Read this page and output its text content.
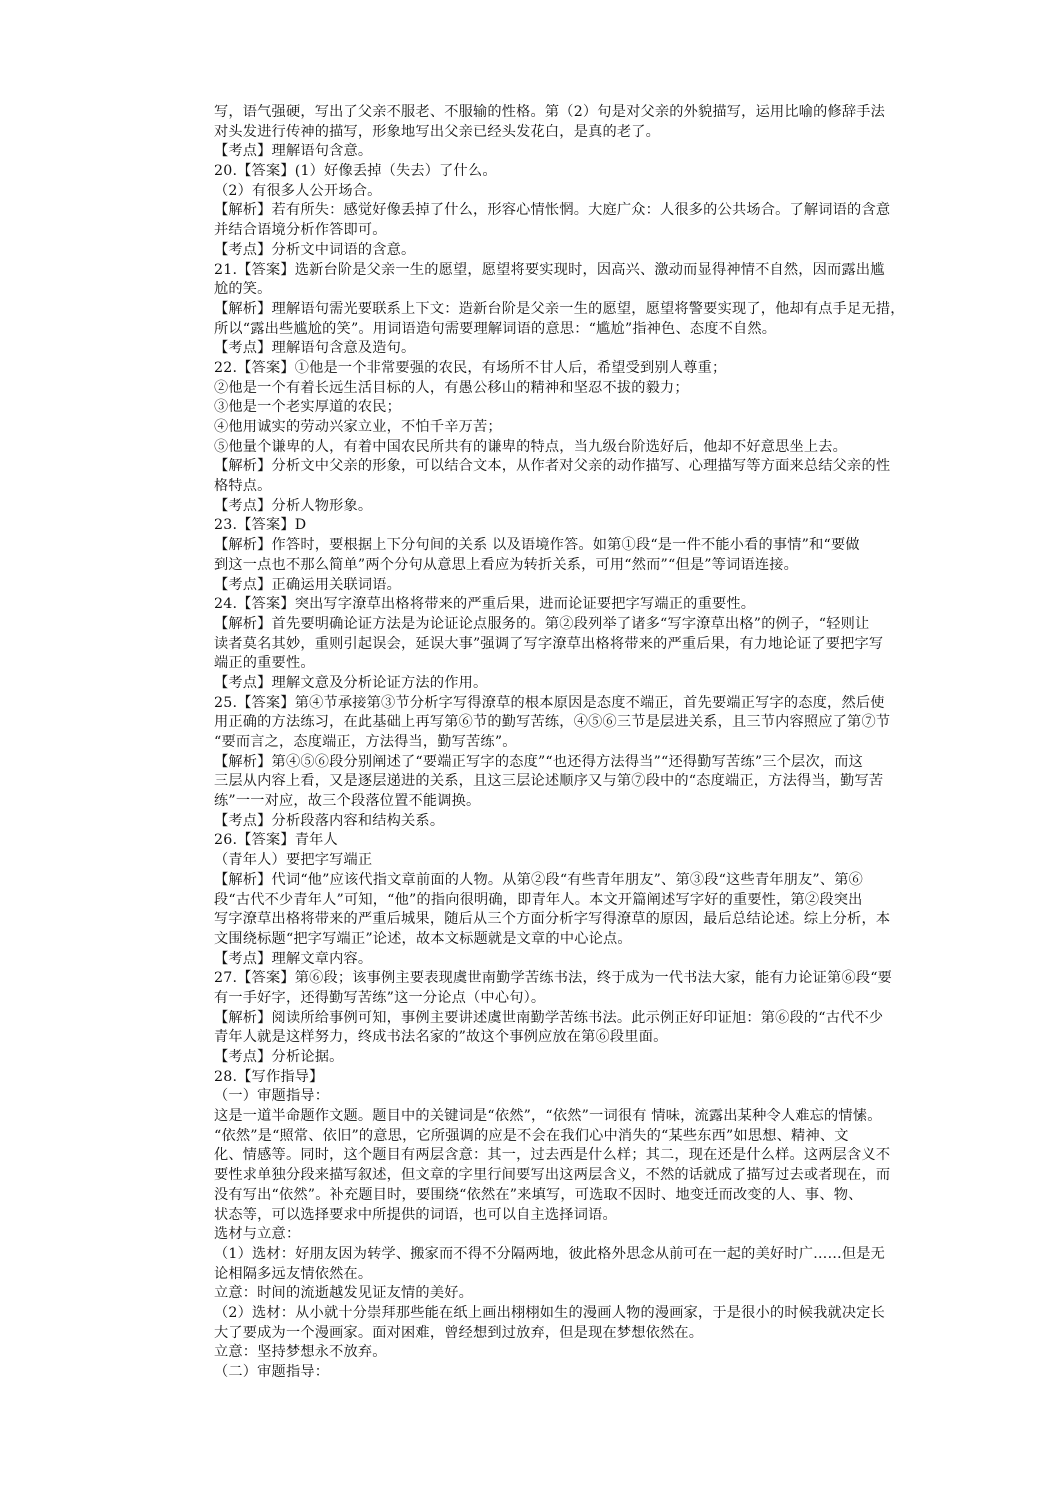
写，语气强硬，写出了父亲不服老、不服输的性格。第（2）句是对父亲的外貌描写，运用比喻的修辞手法
对头发进行传神的描写，形象地写出父亲已经头发花白，是真的老了。
【考点】理解语句含意。
20.【答案】(1）好像丢掉（失去）了什么。
（2）有很多人公开场合。
【解析】若有所失：感觉好像丢掉了什么，形容心情怅惘。大庭广众：人很多的公共场合。了解词语的含意
并结合语境分析作答即可。
【考点】分析文中词语的含意。
21.【答案】选新台阶是父亲一生的愿望，愿望将要实现时，因高兴、激动而显得神情不自然，因而露出尴
尬的笑。
【解析】理解语句需光要联系上下文：造新台阶是父亲一生的愿望，愿望将警要实现了，他却有点手足无措，
所以“露出些尴尬的笑”。用词语造句需要理解词语的意思：“尴尬”指神色、态度不自然。
【考点】理解语句含意及造句。
22.【答案】①他是一个非常要强的农民，有场所不甘人后，希望受到别人尊重；
②他是一个有着长远生活目标的人，有愚公移山的精神和坚忍不拔的毅力；
③他是一个老实厚道的农民；
④他用诚实的劳动兴家立业，不怕千辛万苦；
⑤他量个谦卑的人，有着中国农民所共有的谦卑的特点，当九级台阶选好后，他却不好意思坐上去。
【解析】分析文中父亲的形象，可以结合文本，从作者对父亲的动作描写、心理描写等方面来总结父亲的性
格特点。
【考点】分析人物形象。
23.【答案】D
【解析】作答时，要根据上下分句间的关系 以及语境作答。如第①段“是一件不能小看的事情”和“要做
到这一点也不那么简单”两个分句从意思上看应为转折关系，可用“然而”“但是”等词语连接。
【考点】正确运用关联词语。
24.【答案】突出写字潦草出格将带来的严重后果，进而论证要把字写端正的重要性。
【解析】首先要明确论证方法是为论证论点服务的。第②段列举了诸多“写字潦草出格”的例子，“轻则让
读者莫名其妙，重则引起误会，延误大事”强调了写字潦草出格将带来的严重后果，有力地论证了要把字写
端正的重要性。
【考点】理解文意及分析论证方法的作用。
25.【答案】第④节承接第③节分析字写得潦草的根本原因是态度不端正，首先要端正写字的态度，然后使
用正确的方法练习，在此基础上再写第⑥节的勤写苦练，④⑤⑥三节是层进关系，且三节内容照应了第⑦节
“要而言之，态度端正，方法得当，勤写苦练”。
【解析】第④⑤⑥段分别阐述了“要端正写字的态度”“也还得方法得当”“还得勤写苦练”三个层次，而这
三层从内容上看，又是逐层递进的关系，且这三层论述顺序又与第⑦段中的“态度端正，方法得当，勤写苦
练”一一对应，故三个段落位置不能调换。
【考点】分析段落内容和结构关系。
26.【答案】青年人
（青年人）要把字写端正
【解析】代词“他”应该代指文章前面的人物。从第②段“有些青年朋友”、第③段“这些青年朋友”、第⑥
段“古代不少青年人”可知，“他”的指向很明确，即青年人。本文开篇阐述写字好的重要性，第②段突出
写字潦草出格将带来的严重后城果，随后从三个方面分析字写得潦草的原因，最后总结论述。综上分析，本
文围绕标题“把字写端正”论述，故本文标题就是文章的中心论点。
【考点】理解文章内容。
27.【答案】第⑥段；该事例主要表现虞世南勤学苦练书法，终于成为一代书法大家，能有力论证第⑥段“要
有一手好字，还得勤写苦练”这一分论点（中心句）。
【解析】阅读所给事例可知，事例主要讲述虞世南勤学苦练书法。此示例正好印证旭：第⑥段的“古代不少
青年人就是这样努力，终成书法名家的”故这个事例应放在第⑥段里面。
【考点】分析论据。
28.【写作指导】
（一）审题指导：
这是一道半命题作文题。题目中的关键词是“依然”，“依然”一词很有 情味，流露出某种令人难忘的情愫。
“依然”是“照常、依旧”的意思，它所强调的应是不会在我们心中消失的“某些东西”如思想、精神、文
化、情感等。同时，这个题目有两层含意：其一，过去西是什么样；其二，现在还是什么样。这两层含义不
要性求单独分段来描写叙述，但文章的字里行间要写出这两层含义，不然的话就成了描写过去或者现在，而
没有写出“依然”。补充题目时，要围绕“依然在”来填写，可选取不因时、地变迁而改变的人、事、物、
状态等，可以选择要求中所提供的词语，也可以自主选择词语。
选材与立意：
（1）选材：好朋友因为转学、搬家而不得不分隔两地，彼此格外思念从前可在一起的美好时广……但是无
论相隔多远友情依然在。
立意：时间的流逝越发见证友情的美好。
（2）选材：从小就十分崇拜那些能在纸上画出栩栩如生的漫画人物的漫画家，于是很小的时候我就决定长
大了要成为一个漫画家。面对困难，曾经想到过放弃，但是现在梦想依然在。
立意：坚持梦想永不放弃。
（二）审题指导：
